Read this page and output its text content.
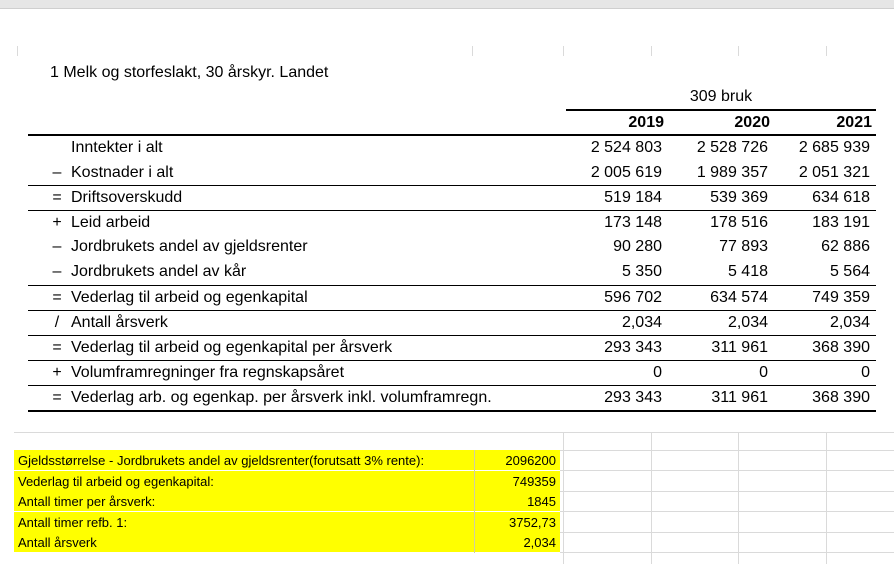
1 Melk og storfeslakt, 30 årskyr. Landet
309 bruk
2019	2020	2021
Inntekter i alt	2 524 803	2 528 726	2 685 939
– Kostnader i alt	2 005 619	1 989 357	2 051 321
= Driftsoverskudd	519 184	539 369	634 618
+ Leid arbeid	173 148	178 516	183 191
– Jordbrukets andel av gjeldsrenter	90 280	77 893	62 886
– Jordbrukets andel av kår	5 350	5 418	5 564
= Vederlag til arbeid og egenkapital	596 702	634 574	749 359
/ Antall årsverk	2,034	2,034	2,034
= Vederlag til arbeid og egenkapital per årsverk	293 343	311 961	368 390
+ Volumframregninger fra regnskapsåret	0	0	0
= Vederlag arb. og egenkap. per årsverk inkl. volumframregn.	293 343	311 961	368 390
Gjeldsstørrelse - Jordbrukets andel av gjeldsrenter(forutsatt 3% rente):	2096200
Vederlag til arbeid og egenkapital:	749359
Antall timer per årsverk:	1845
Antall timer refb. 1:	3752,73
Antall årsverk	2,034
